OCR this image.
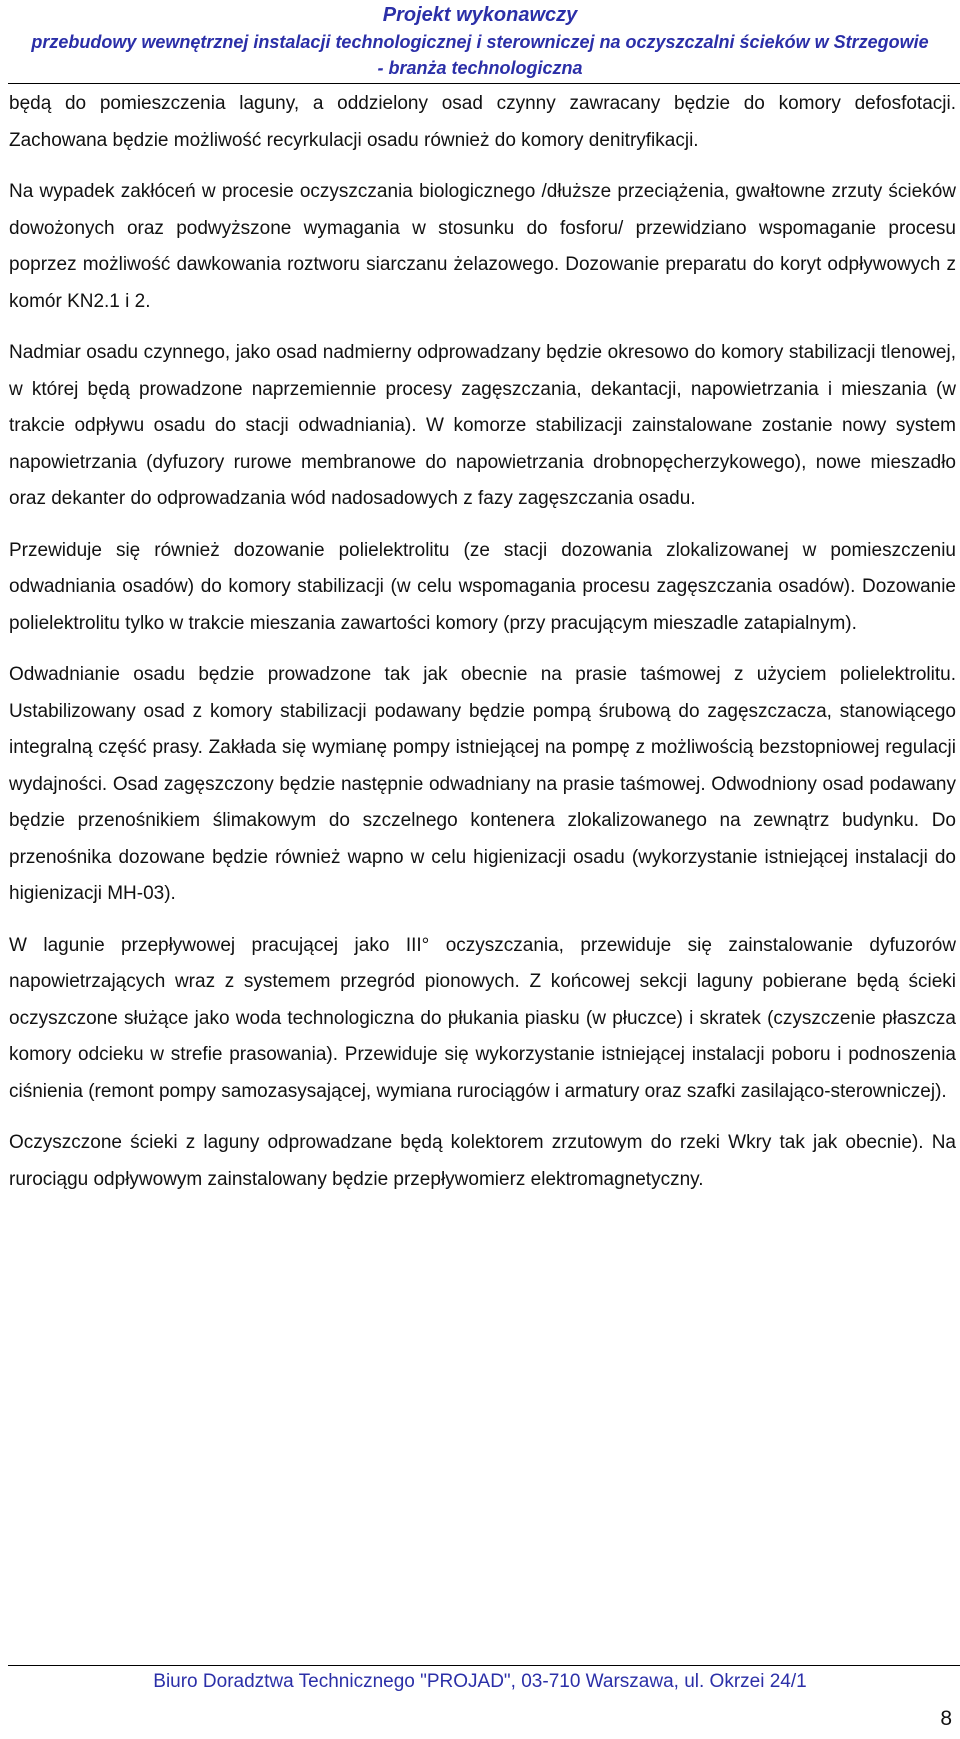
Projekt wykonawczy
przebudowy wewnętrznej instalacji technologicznej i sterowniczej na oczyszczalni ścieków w Strzegowie
- branża technologiczna

będą do pomieszczenia laguny, a oddzielony osad czynny zawracany będzie do komory defosfotacji. Zachowana będzie możliwość recyrkulacji osadu również do komory denitryfikacji.

Na wypadek zakłóceń w procesie oczyszczania biologicznego /dłuższe przeciążenia, gwałtowne zrzuty ścieków dowożonych oraz podwyższone wymagania w stosunku do fosforu/ przewidziano wspomaganie procesu poprzez możliwość dawkowania roztworu siarczanu żelazowego. Dozowanie preparatu do koryt odpływowych z komór KN2.1 i 2.

Nadmiar osadu czynnego, jako osad nadmierny odprowadzany będzie okresowo do komory stabilizacji tlenowej, w której będą prowadzone naprzemiennie procesy zagęszczania, dekantacji, napowietrzania i mieszania (w trakcie odpływu osadu do stacji odwadniania). W komorze stabilizacji zainstalowane zostanie nowy system napowietrzania (dyfuzory rurowe membranowe do napowietrzania drobnopęcherzykowego), nowe mieszadło oraz dekanter do odprowadzania wód nadosadowych z fazy zagęszczania osadu.

Przewiduje się również dozowanie polielektrolitu (ze stacji dozowania zlokalizowanej w pomieszczeniu odwadniania osadów) do komory stabilizacji (w celu wspomagania procesu zagęszczania osadów). Dozowanie polielektrolitu tylko w trakcie mieszania zawartości komory (przy pracującym mieszadle zatapialnym).

Odwadnianie osadu będzie prowadzone tak jak obecnie na prasie taśmowej z użyciem polielektrolitu. Ustabilizowany osad z komory stabilizacji podawany będzie pompą śrubową do zagęszczacza, stanowiącego integralną część prasy. Zakłada się wymianę pompy istniejącej na pompę z możliwością bezstopniowej regulacji wydajności. Osad zagęszczony będzie następnie odwadniany na prasie taśmowej. Odwodniony osad podawany będzie przenośnikiem ślimakowym do szczelnego kontenera zlokalizowanego na zewnątrz budynku. Do przenośnika dozowane będzie również wapno w celu higienizacji osadu (wykorzystanie istniejącej instalacji do higienizacji MH-03).

W lagunie przepływowej pracującej jako III° oczyszczania, przewiduje się zainstalowanie dyfuzorów napowietrzających wraz z systemem przegród pionowych. Z końcowej sekcji laguny pobierane będą ścieki oczyszczone służące jako woda technologiczna do płukania piasku (w płuczce) i skratek (czyszczenie płaszcza komory odcieku w strefie prasowania). Przewiduje się wykorzystanie istniejącej instalacji poboru i podnoszenia ciśnienia (remont pompy samozasysającej, wymiana rurociągów i armatury oraz szafki zasilająco-sterowniczej).

Oczyszczone ścieki z laguny odprowadzane będą kolektorem zrzutowym do rzeki Wkry tak jak obecnie). Na rurociągu odpływowym zainstalowany będzie przepływomierz elektromagnetyczny.

Biuro Doradztwa Technicznego "PROJAD", 03-710 Warszawa, ul. Okrzei 24/1
8
